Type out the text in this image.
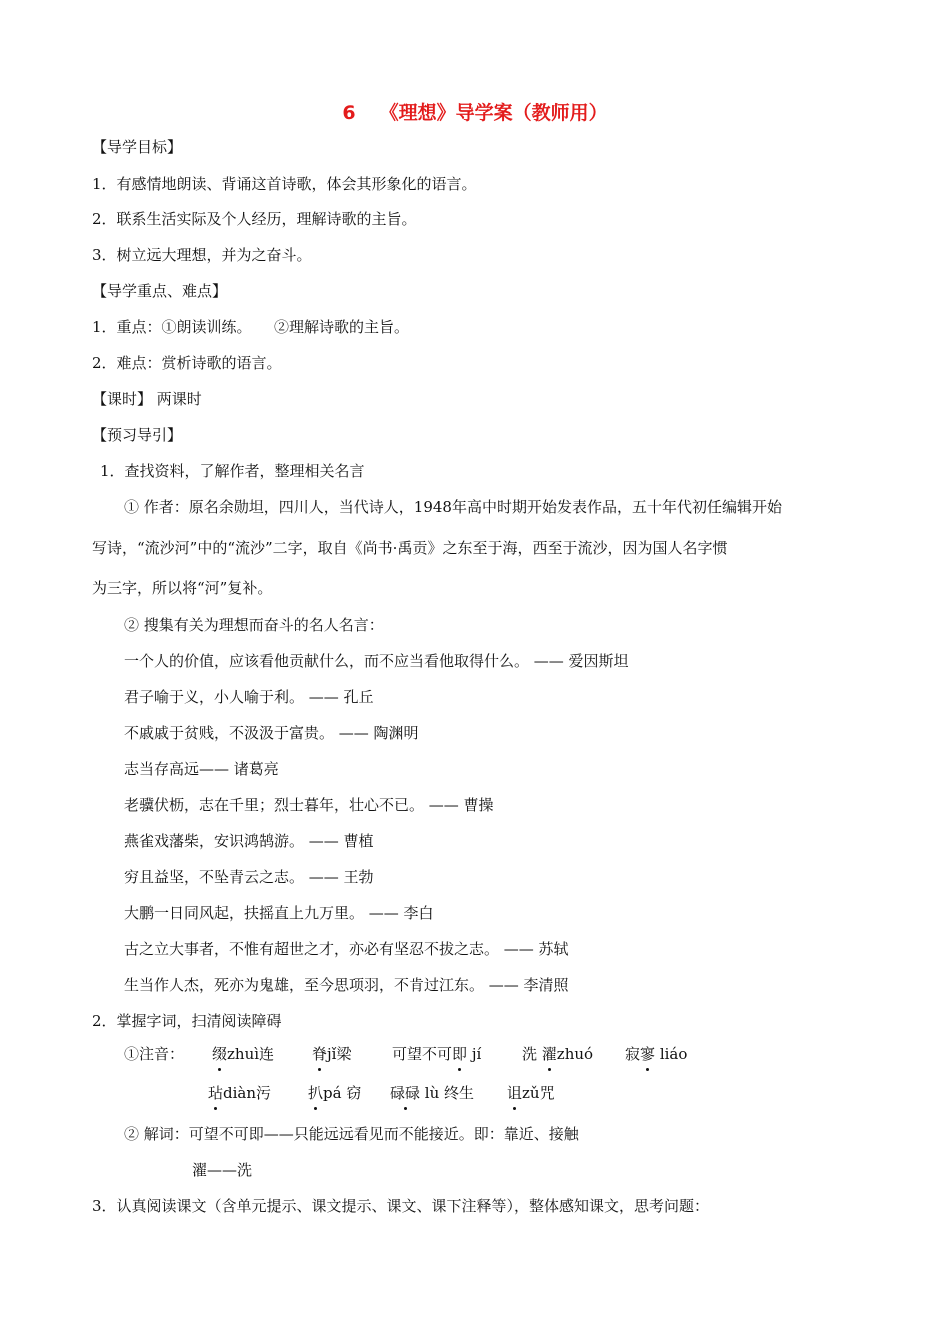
6 《理想》导学案（教师用）
【导学目标】
1．有感情地朗读、背诵这首诗歌，体会其形象化的语言。
2．联系生活实际及个人经历，理解诗歌的主旨。
3．树立远大理想，并为之奋斗。
【导学重点、难点】
1．重点：①朗读训练。　　②理解诗歌的主旨。
2．难点：赏析诗歌的语言。
【课时】 两课时
【预习导引】
1．查找资料，了解作者，整理相关名言
① 作者：原名余勋坦，四川人，当代诗人，1948年高中时期开始发表作品，五十年代初任编辑开始
写诗，“流沙河”中的“流沙”二字，取自《尚书·禹贡》之东至于海，西至于流沙，因为国人名字惯
为三字，所以将“河”复补。
② 搜集有关为理想而奋斗的名人名言：
一个人的价值，应该看他贡献什么，而不应当看他取得什么。 —— 爱因斯坦
君子喻于义，小人喻于利。 —— 孔丘
不戚戚于贫贱，不汲汲于富贵。 —— 陶渊明
志当存高远—— 诸葛亮
老骥伏枥，志在千里；烈士暮年，壮心不已。 —— 曹操
燕雀戏藩柴，安识鸿鹄游。 —— 曹植
穷且益坚，不坠青云之志。 —— 王勃
大鹏一日同风起，扶摇直上九万里。 —— 李白
古之立大事者，不惟有超世之才，亦必有坚忍不拔之志。 —— 苏轼
生当作人杰，死亦为鬼雄，至今思项羽，不肯过江东。 —— 李清照
2．掌握字词，扫清阅读障碍
①注音： 缀zhuì连	脊jǐ梁	可望不可即 jí	洗 濯zhuó 寂寥 liáo
玷diàn污 扒pá 窃 碌碌 lù 终生 诅zǔ咒
② 解词：可望不可即——只能远远看见而不能接近。即：靠近、接触
濯——洗
3．认真阅读课文（含单元提示、课文提示、课文、课下注释等），整体感知课文，思考问题：
